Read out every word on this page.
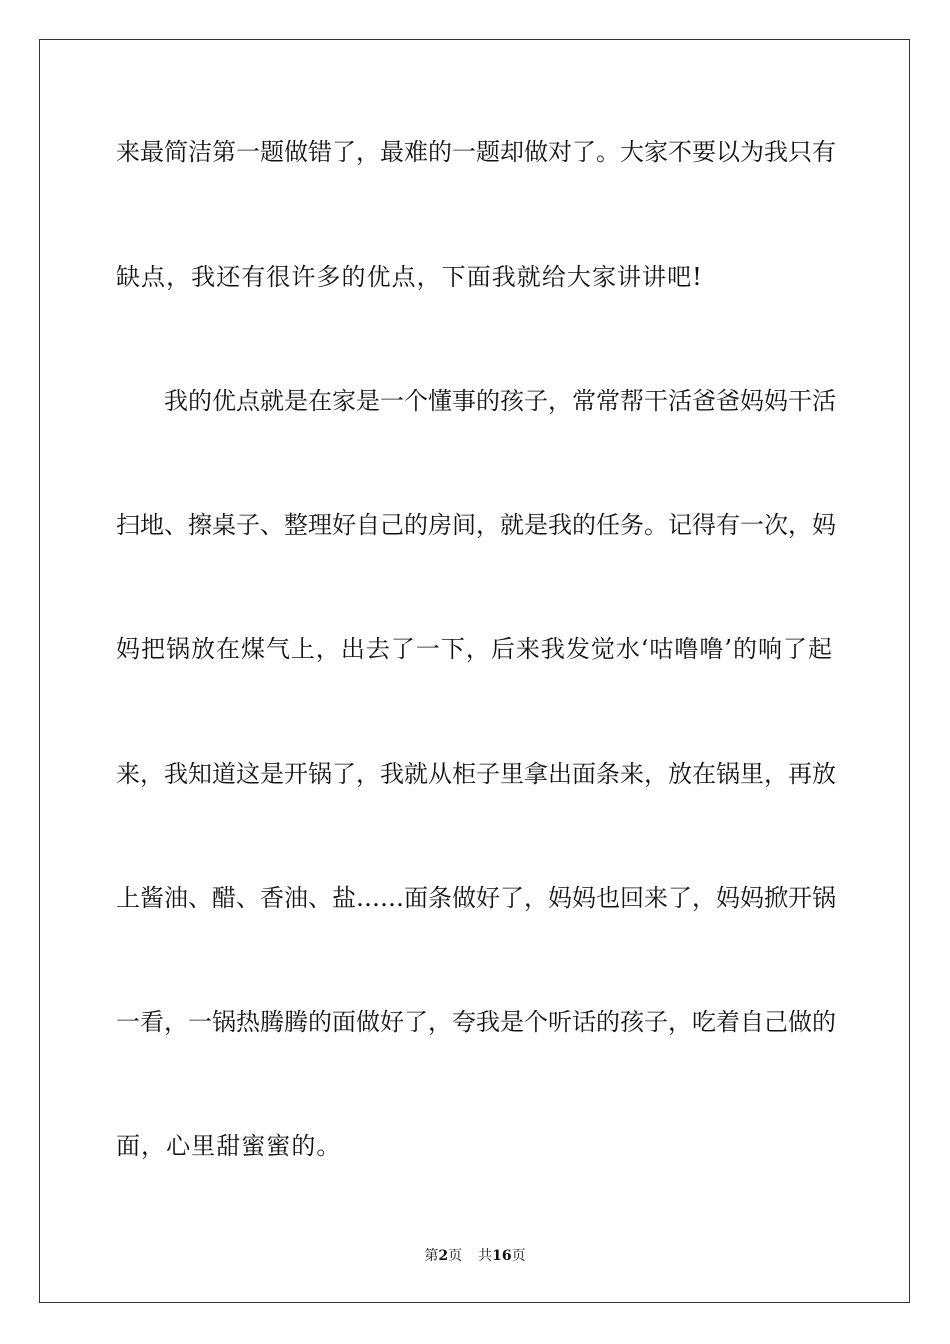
来最简洁第一题做错了，最难的一题却做对了。大家不要以为我只有
缺点，我还有很许多的优点，下面我就给大家讲讲吧!
我的优点就是在家是一个懂事的孩子，常常帮干活爸爸妈妈干活
扫地、擦桌子、整理好自己的房间，就是我的任务。记得有一次，妈
妈把锅放在煤气上，出去了一下，后来我发觉水‘咕噜噜’的响了起
来，我知道这是开锅了，我就从柜子里拿出面条来，放在锅里，再放
上酱油、醋、香油、盐……面条做好了，妈妈也回来了，妈妈掀开锅
一看，一锅热腾腾的面做好了，夸我是个听话的孩子，吃着自己做的
面，心里甜蜜蜜的。
第2页 共16页
